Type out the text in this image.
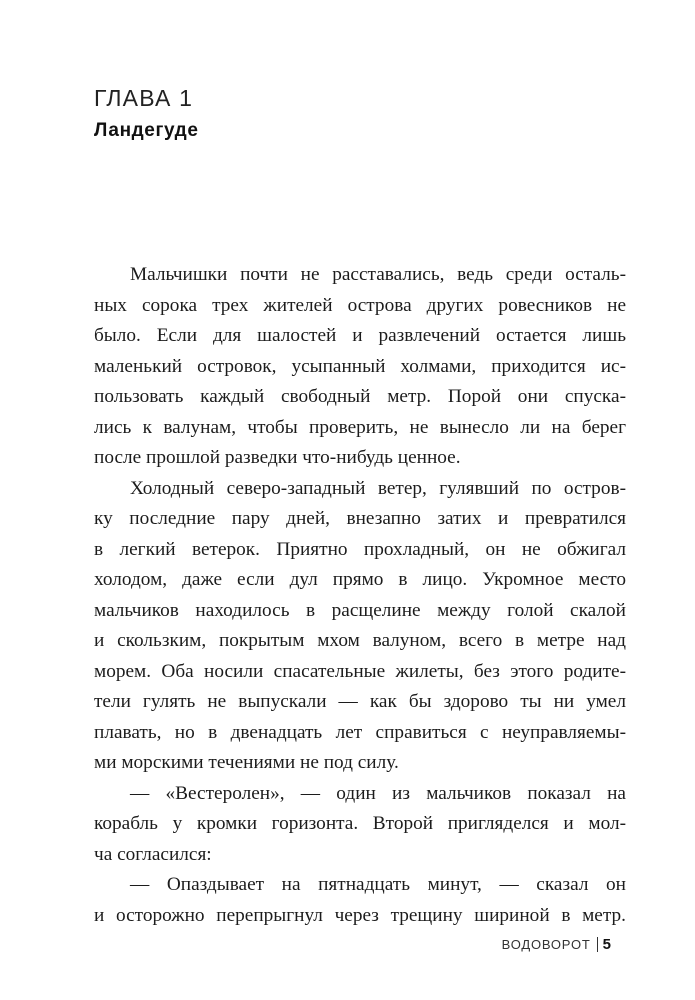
ГЛАВА 1
Ландегуде
Мальчишки почти не расставались, ведь среди осталь-
ных сорока трех жителей острова других ровесников не
было. Если для шалостей и развлечений остается лишь
маленький островок, усыпанный холмами, приходится ис-
пользовать каждый свободный метр. Порой они спуска-
лись к валунам, чтобы проверить, не вынесло ли на берег
после прошлой разведки что-нибудь ценное.
Холодный северо-западный ветер, гулявший по остров-
ку последние пару дней, внезапно затих и превратился
в легкий ветерок. Приятно прохладный, он не обжигал
холодом, даже если дул прямо в лицо. Укромное место
мальчиков находилось в расщелине между голой скалой
и скользким, покрытым мхом валуном, всего в метре над
морем. Оба носили спасательные жилеты, без этого родите-
тели гулять не выпускали — как бы здорово ты ни умел
плавать, но в двенадцать лет справиться с неуправляемы-
ми морскими течениями не под силу.
— «Вестеролен», — один из мальчиков показал на
корабль у кромки горизонта. Второй пригляделся и мол-
ча согласился:
— Опаздывает на пятнадцать минут, — сказал он
и осторожно перепрыгнул через трещину шириной в метр.
ВОДОВОРОТ 5
